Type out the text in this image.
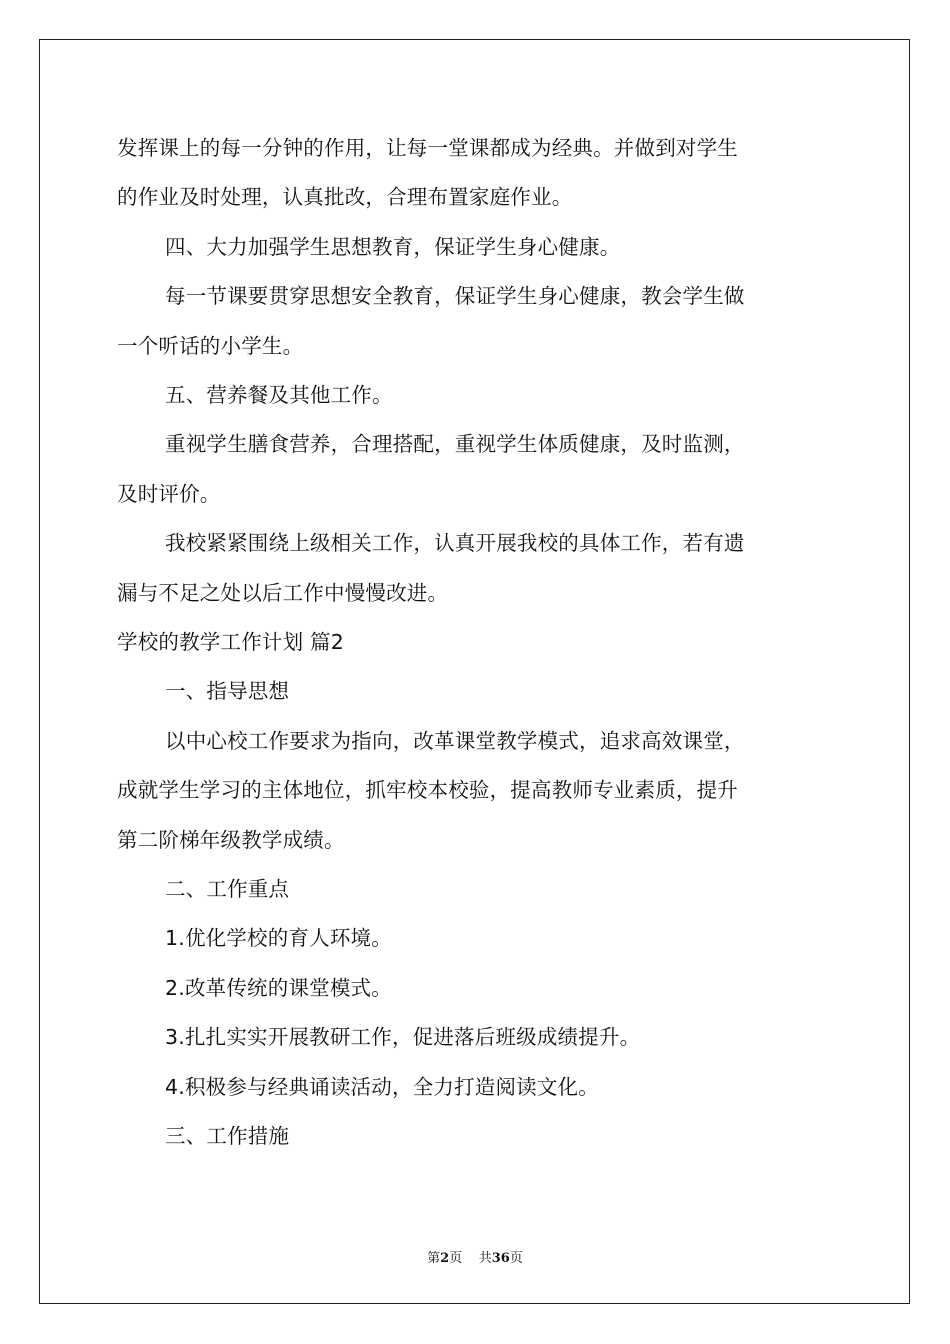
发挥课上的每一分钟的作用，让每一堂课都成为经典。并做到对学生
的作业及时处理，认真批改，合理布置家庭作业。
四、大力加强学生思想教育，保证学生身心健康。
每一节课要贯穿思想安全教育，保证学生身心健康，教会学生做
一个听话的小学生。
五、营养餐及其他工作。
重视学生膳食营养，合理搭配，重视学生体质健康，及时监测，
及时评价。
我校紧紧围绕上级相关工作，认真开展我校的具体工作，若有遗
漏与不足之处以后工作中慢慢改进。
学校的教学工作计划 篇2
一、指导思想
以中心校工作要求为指向，改革课堂教学模式，追求高效课堂，
成就学生学习的主体地位，抓牢校本校验，提高教师专业素质，提升
第二阶梯年级教学成绩。
二、工作重点
1.优化学校的育人环境。
2.改革传统的课堂模式。
3.扎扎实实开展教研工作，促进落后班级成绩提升。
4.积极参与经典诵读活动，全力打造阅读文化。
三、工作措施
第2页 共36页
